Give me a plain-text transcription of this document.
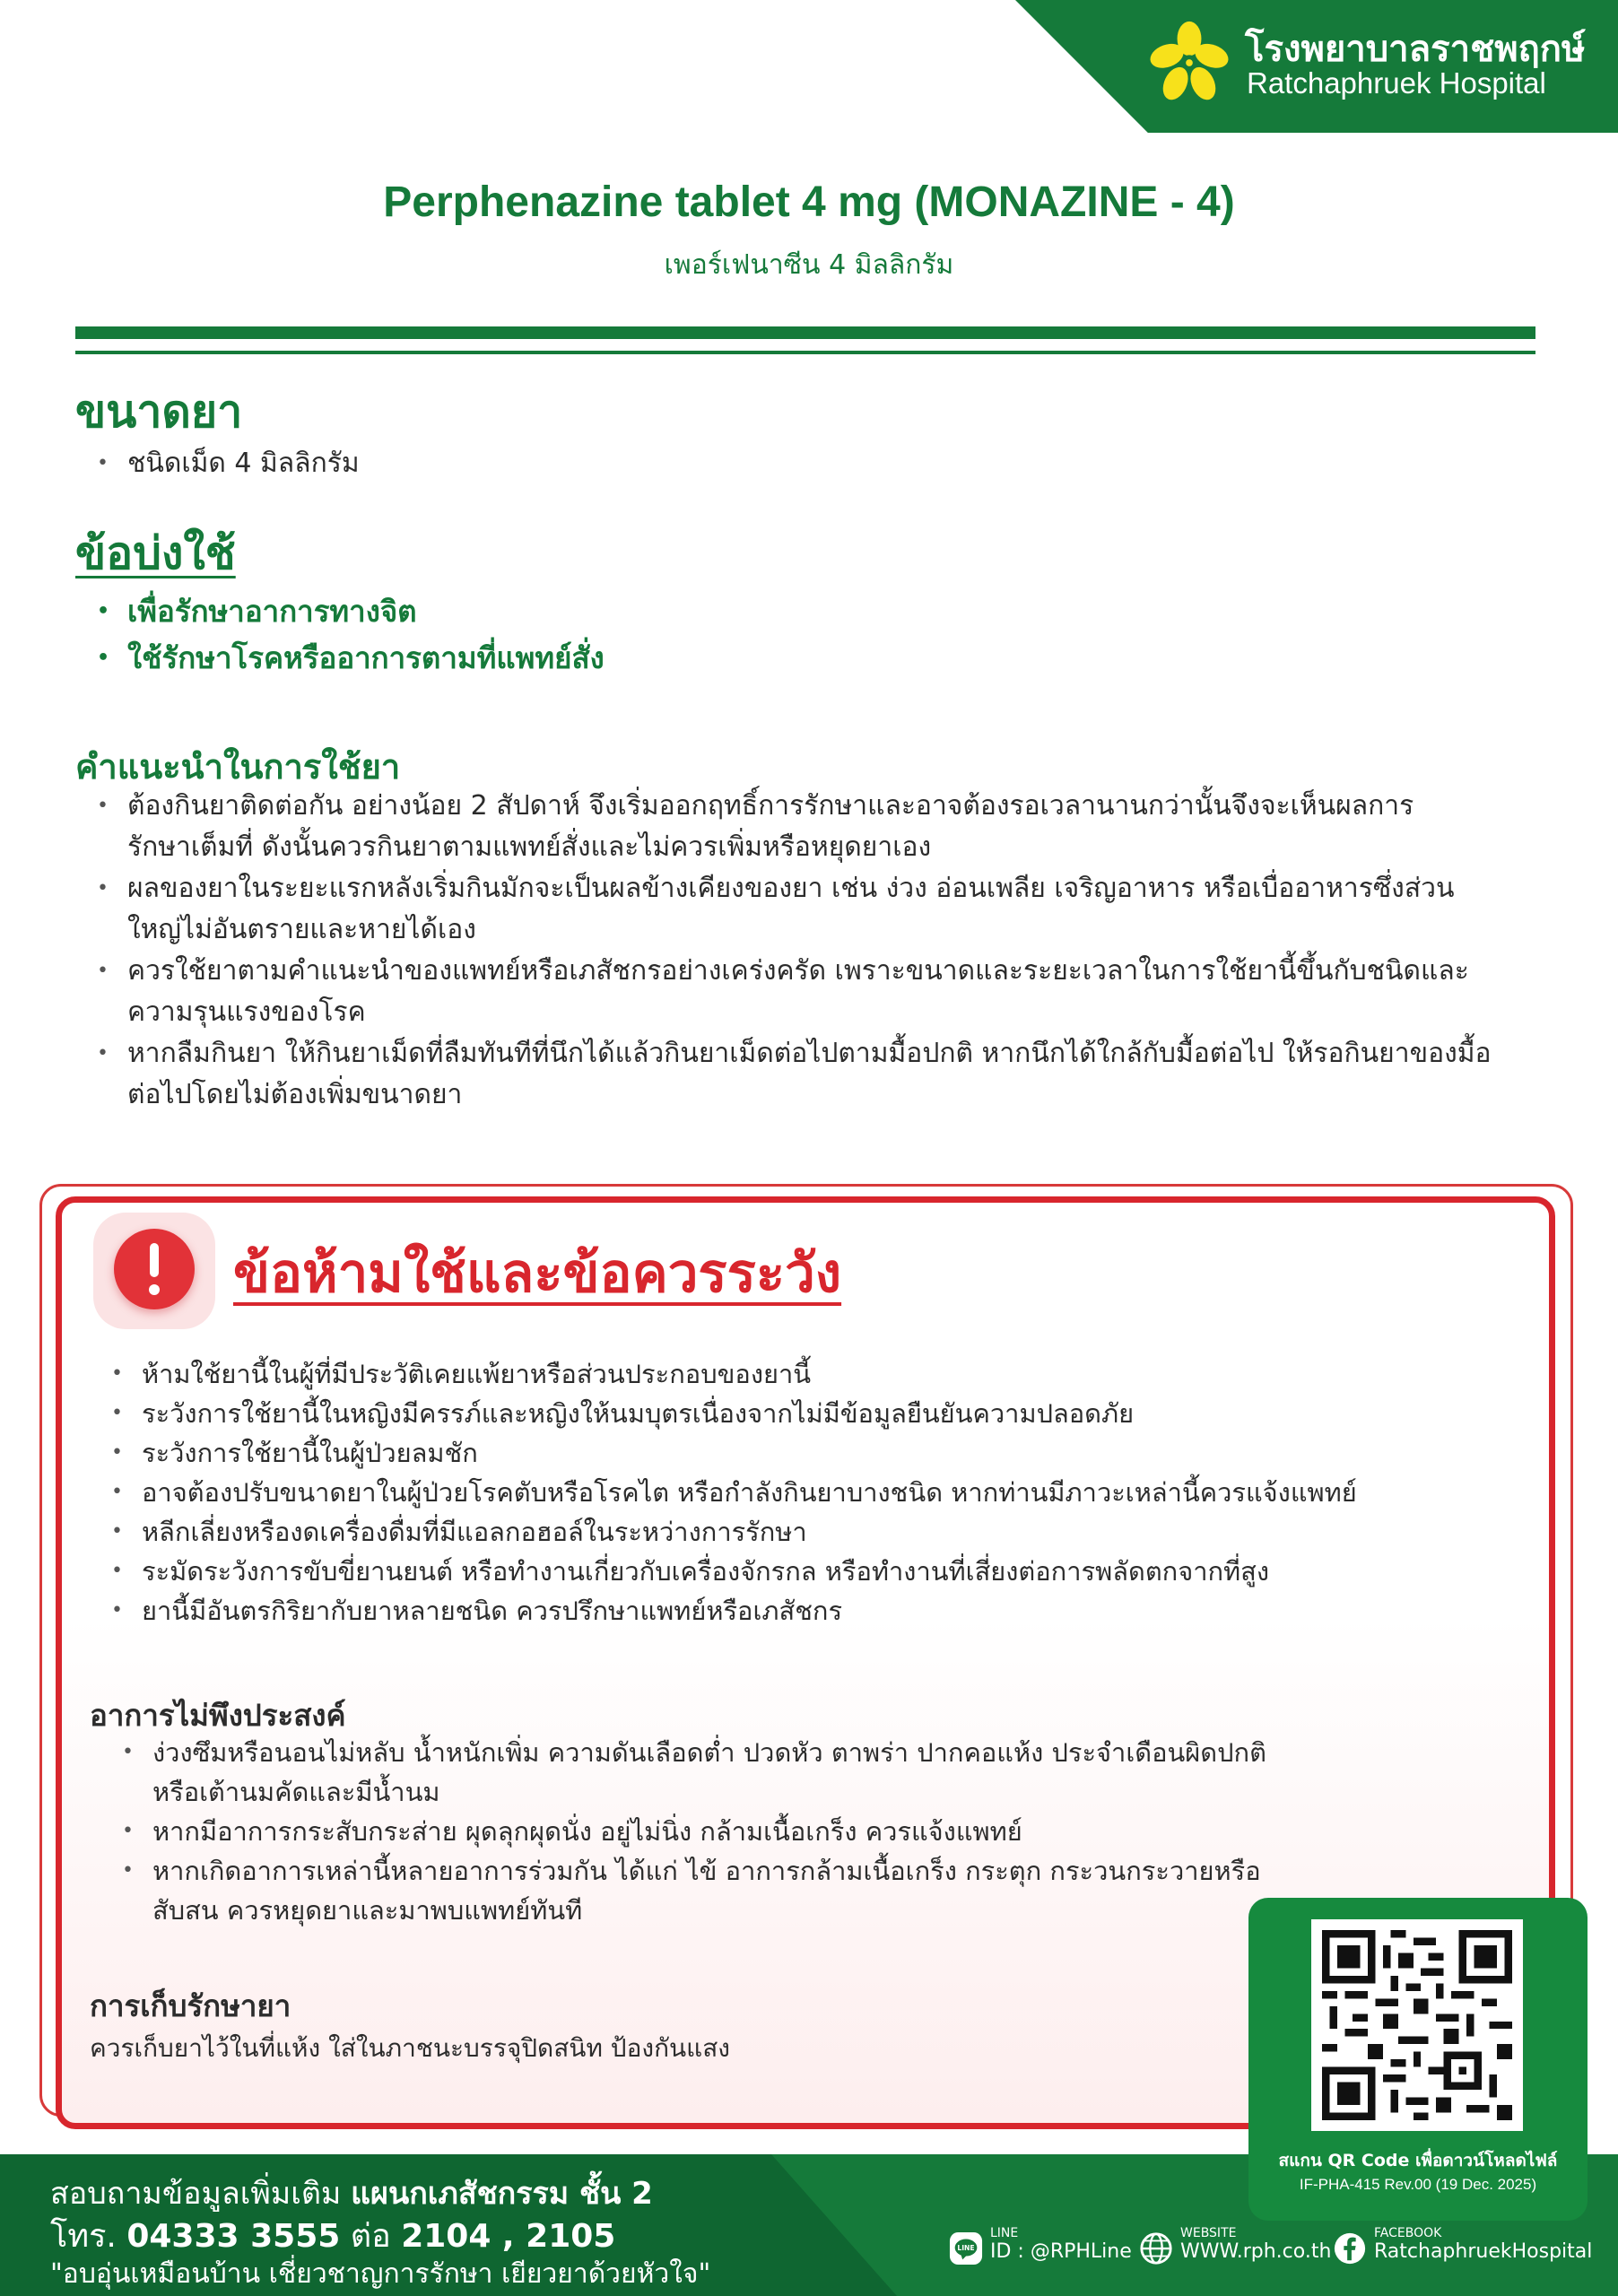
โรงพยาบาลราชพฤกษ์
Ratchaphruek Hospital
Perphenazine tablet 4 mg (MONAZINE - 4)
เพอร์เฟนาซีน 4 มิลลิกรัม
ขนาดยา
• ชนิดเม็ด 4 มิลลิกรัม
ข้อบ่งใช้
• เพื่อรักษาอาการทางจิต
• ใช้รักษาโรคหรืออาการตามที่แพทย์สั่ง
คำแนะนำในการใช้ยา
• ต้องกินยาติดต่อกัน อย่างน้อย 2 สัปดาห์ จึงเริ่มออกฤทธิ์การรักษาและอาจต้องรอเวลานานกว่านั้นจึงจะเห็นผลการ
รักษาเต็มที่ ดังนั้นควรกินยาตามแพทย์สั่งและไม่ควรเพิ่มหรือหยุดยาเอง
• ผลของยาในระยะแรกหลังเริ่มกินมักจะเป็นผลข้างเคียงของยา เช่น ง่วง อ่อนเพลีย เจริญอาหาร หรือเบื่ออาหารซึ่งส่วน
ใหญ่ไม่อันตรายและหายได้เอง
• ควรใช้ยาตามคำแนะนำของแพทย์หรือเภสัชกรอย่างเคร่งครัด เพราะขนาดและระยะเวลาในการใช้ยานี้ขึ้นกับชนิดและ
ความรุนแรงของโรค
• หากลืมกินยา ให้กินยาเม็ดที่ลืมทันทีที่นึกได้แล้วกินยาเม็ดต่อไปตามมื้อปกติ หากนึกได้ใกล้กับมื้อต่อไป ให้รอกินยาของมื้อ
ต่อไปโดยไม่ต้องเพิ่มขนาดยา
ข้อห้ามใช้และข้อควรระวัง
• ห้ามใช้ยานี้ในผู้ที่มีประวัติเคยแพ้ยาหรือส่วนประกอบของยานี้
• ระวังการใช้ยานี้ในหญิงมีครรภ์และหญิงให้นมบุตรเนื่องจากไม่มีข้อมูลยืนยันความปลอดภัย
• ระวังการใช้ยานี้ในผู้ป่วยลมชัก
• อาจต้องปรับขนาดยาในผู้ป่วยโรคตับหรือโรคไต หรือกำลังกินยาบางชนิด หากท่านมีภาวะเหล่านี้ควรแจ้งแพทย์
• หลีกเลี่ยงหรืองดเครื่องดื่มที่มีแอลกอฮอล์ในระหว่างการรักษา
• ระมัดระวังการขับขี่ยานยนต์ หรือทำงานเกี่ยวกับเครื่องจักรกล หรือทำงานที่เสี่ยงต่อการพลัดตกจากที่สูง
• ยานี้มีอันตรกิริยากับยาหลายชนิด ควรปรึกษาแพทย์หรือเภสัชกร
อาการไม่พึงประสงค์
• ง่วงซึมหรือนอนไม่หลับ น้ำหนักเพิ่ม ความดันเลือดต่ำ ปวดหัว ตาพร่า ปากคอแห้ง ประจำเดือนผิดปกติ
หรือเต้านมคัดและมีน้ำนม
• หากมีอาการกระสับกระส่าย ผุดลุกผุดนั่ง อยู่ไม่นิ่ง กล้ามเนื้อเกร็ง ควรแจ้งแพทย์
• หากเกิดอาการเหล่านี้หลายอาการร่วมกัน ได้แก่ ไข้ อาการกล้ามเนื้อเกร็ง กระตุก กระวนกระวายหรือ
สับสน ควรหยุดยาและมาพบแพทย์ทันที
การเก็บรักษายา
ควรเก็บยาไว้ในที่แห้ง ใส่ในภาชนะบรรจุปิดสนิท ป้องกันแสง
สอบถามข้อมูลเพิ่มเติม แผนกเภสัชกรรม ชั้น 2
โทร. 04333 3555 ต่อ 2104 , 2105
"อบอุ่นเหมือนบ้าน เชี่ยวชาญการรักษา เยียวยาด้วยหัวใจ"
สแกน QR Code เพื่อดาวน์โหลดไฟล์
IF-PHA-415 Rev.00 (19 Dec. 2025)
LINE
LINE
ID : @RPHLine
WEBSITE
WWW.rph.co.th
FACEBOOK
RatchaphruekHospital
